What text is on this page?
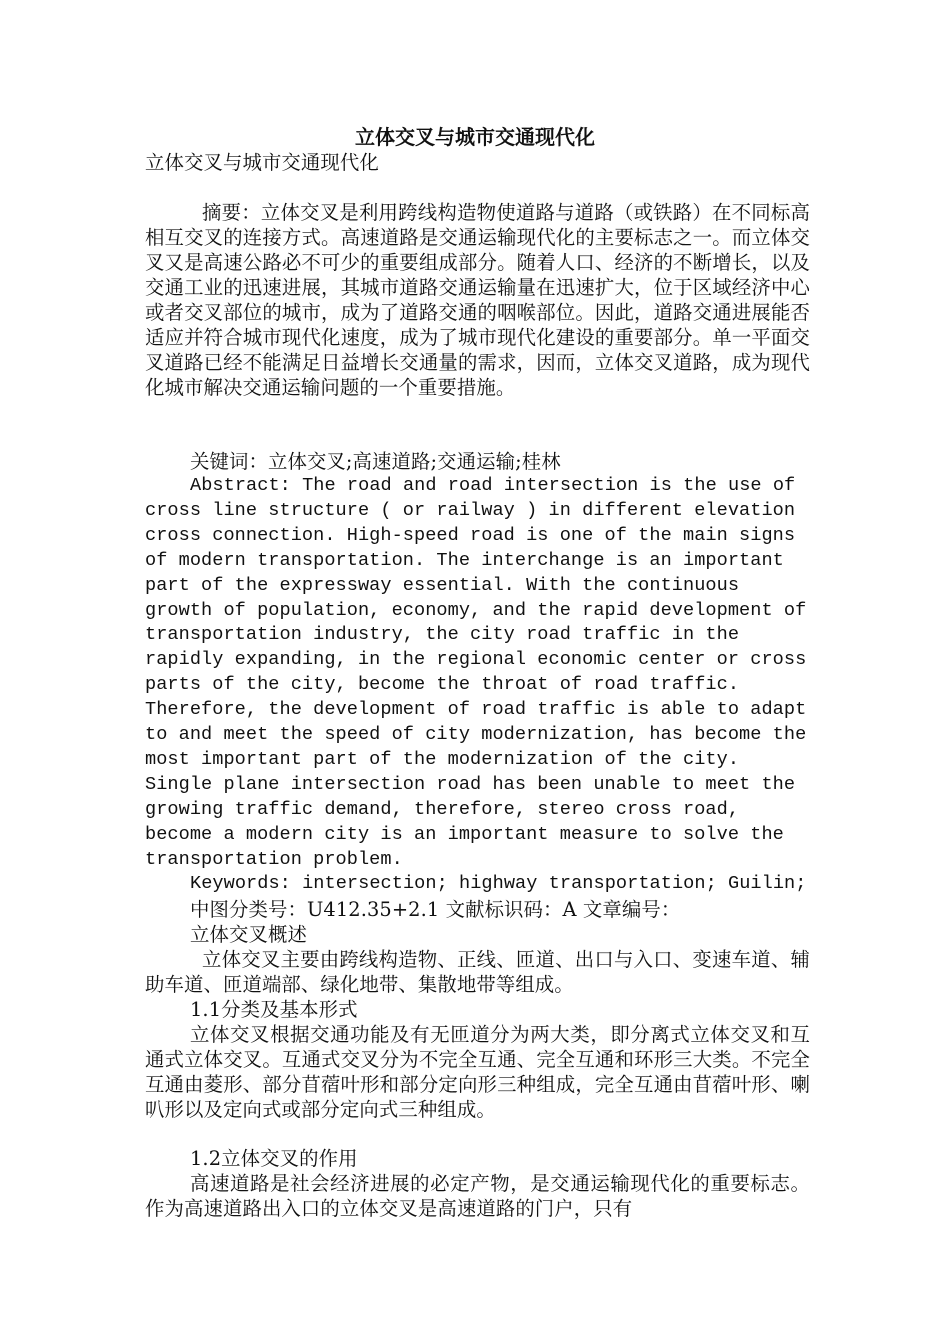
立体交叉与城市交通现代化

立体交叉与城市交通现代化

摘要：立体交叉是利用跨线构造物使道路与道路（或铁路）在不同标高相互交叉的连接方式。高速道路是交通运输现代化的主要标志之一。而立体交叉又是高速公路必不可少的重要组成部分。随着人口、经济的不断增长，以及交通工业的迅速进展，其城市道路交通运输量在迅速扩大，位于区域经济中心或者交叉部位的城市，成为了道路交通的咽喉部位。因此，道路交通进展能否适应并符合城市现代化速度，成为了城市现代化建设的重要部分。单一平面交叉道路已经不能满足日益增长交通量的需求，因而，立体交叉道路，成为现代化城市解决交通运输问题的一个重要措施。

关键词：立体交叉;高速道路;交通运输;桂林

Abstract: The road and road intersection is the use of cross line structure ( or railway ) in different elevation cross connection. High-speed road is one of the main signs of modern transportation. The interchange is an important part of the expressway essential. With the continuous growth of population, economy, and the rapid development of transportation industry, the city road traffic in the rapidly expanding, in the regional economic center or cross parts of the city, become the throat of road traffic. Therefore, the development of road traffic is able to adapt to and meet the speed of city modernization, has become the most important part of the modernization of the city. Single plane intersection road has been unable to meet the growing traffic demand, therefore, stereo cross road, become a modern city is an important measure to solve the transportation problem.

Keywords: intersection; highway transportation; Guilin;

中图分类号：U412.35+2.1 文献标识码：A 文章编号：

立体交叉概述

立体交叉主要由跨线构造物、正线、匝道、出口与入口、变速车道、辅助车道、匝道端部、绿化地带、集散地带等组成。

1.1分类及基本形式

立体交叉根据交通功能及有无匝道分为两大类，即分离式立体交叉和互通式立体交叉。互通式交叉分为不完全互通、完全互通和环形三大类。不完全互通由菱形、部分苜蓿叶形和部分定向形三种组成，完全互通由苜蓿叶形、喇叭形以及定向式或部分定向式三种组成。

1.2立体交叉的作用

高速道路是社会经济进展的必定产物，是交通运输现代化的重要标志。作为高速道路出入口的立体交叉是高速道路的门户，只有
